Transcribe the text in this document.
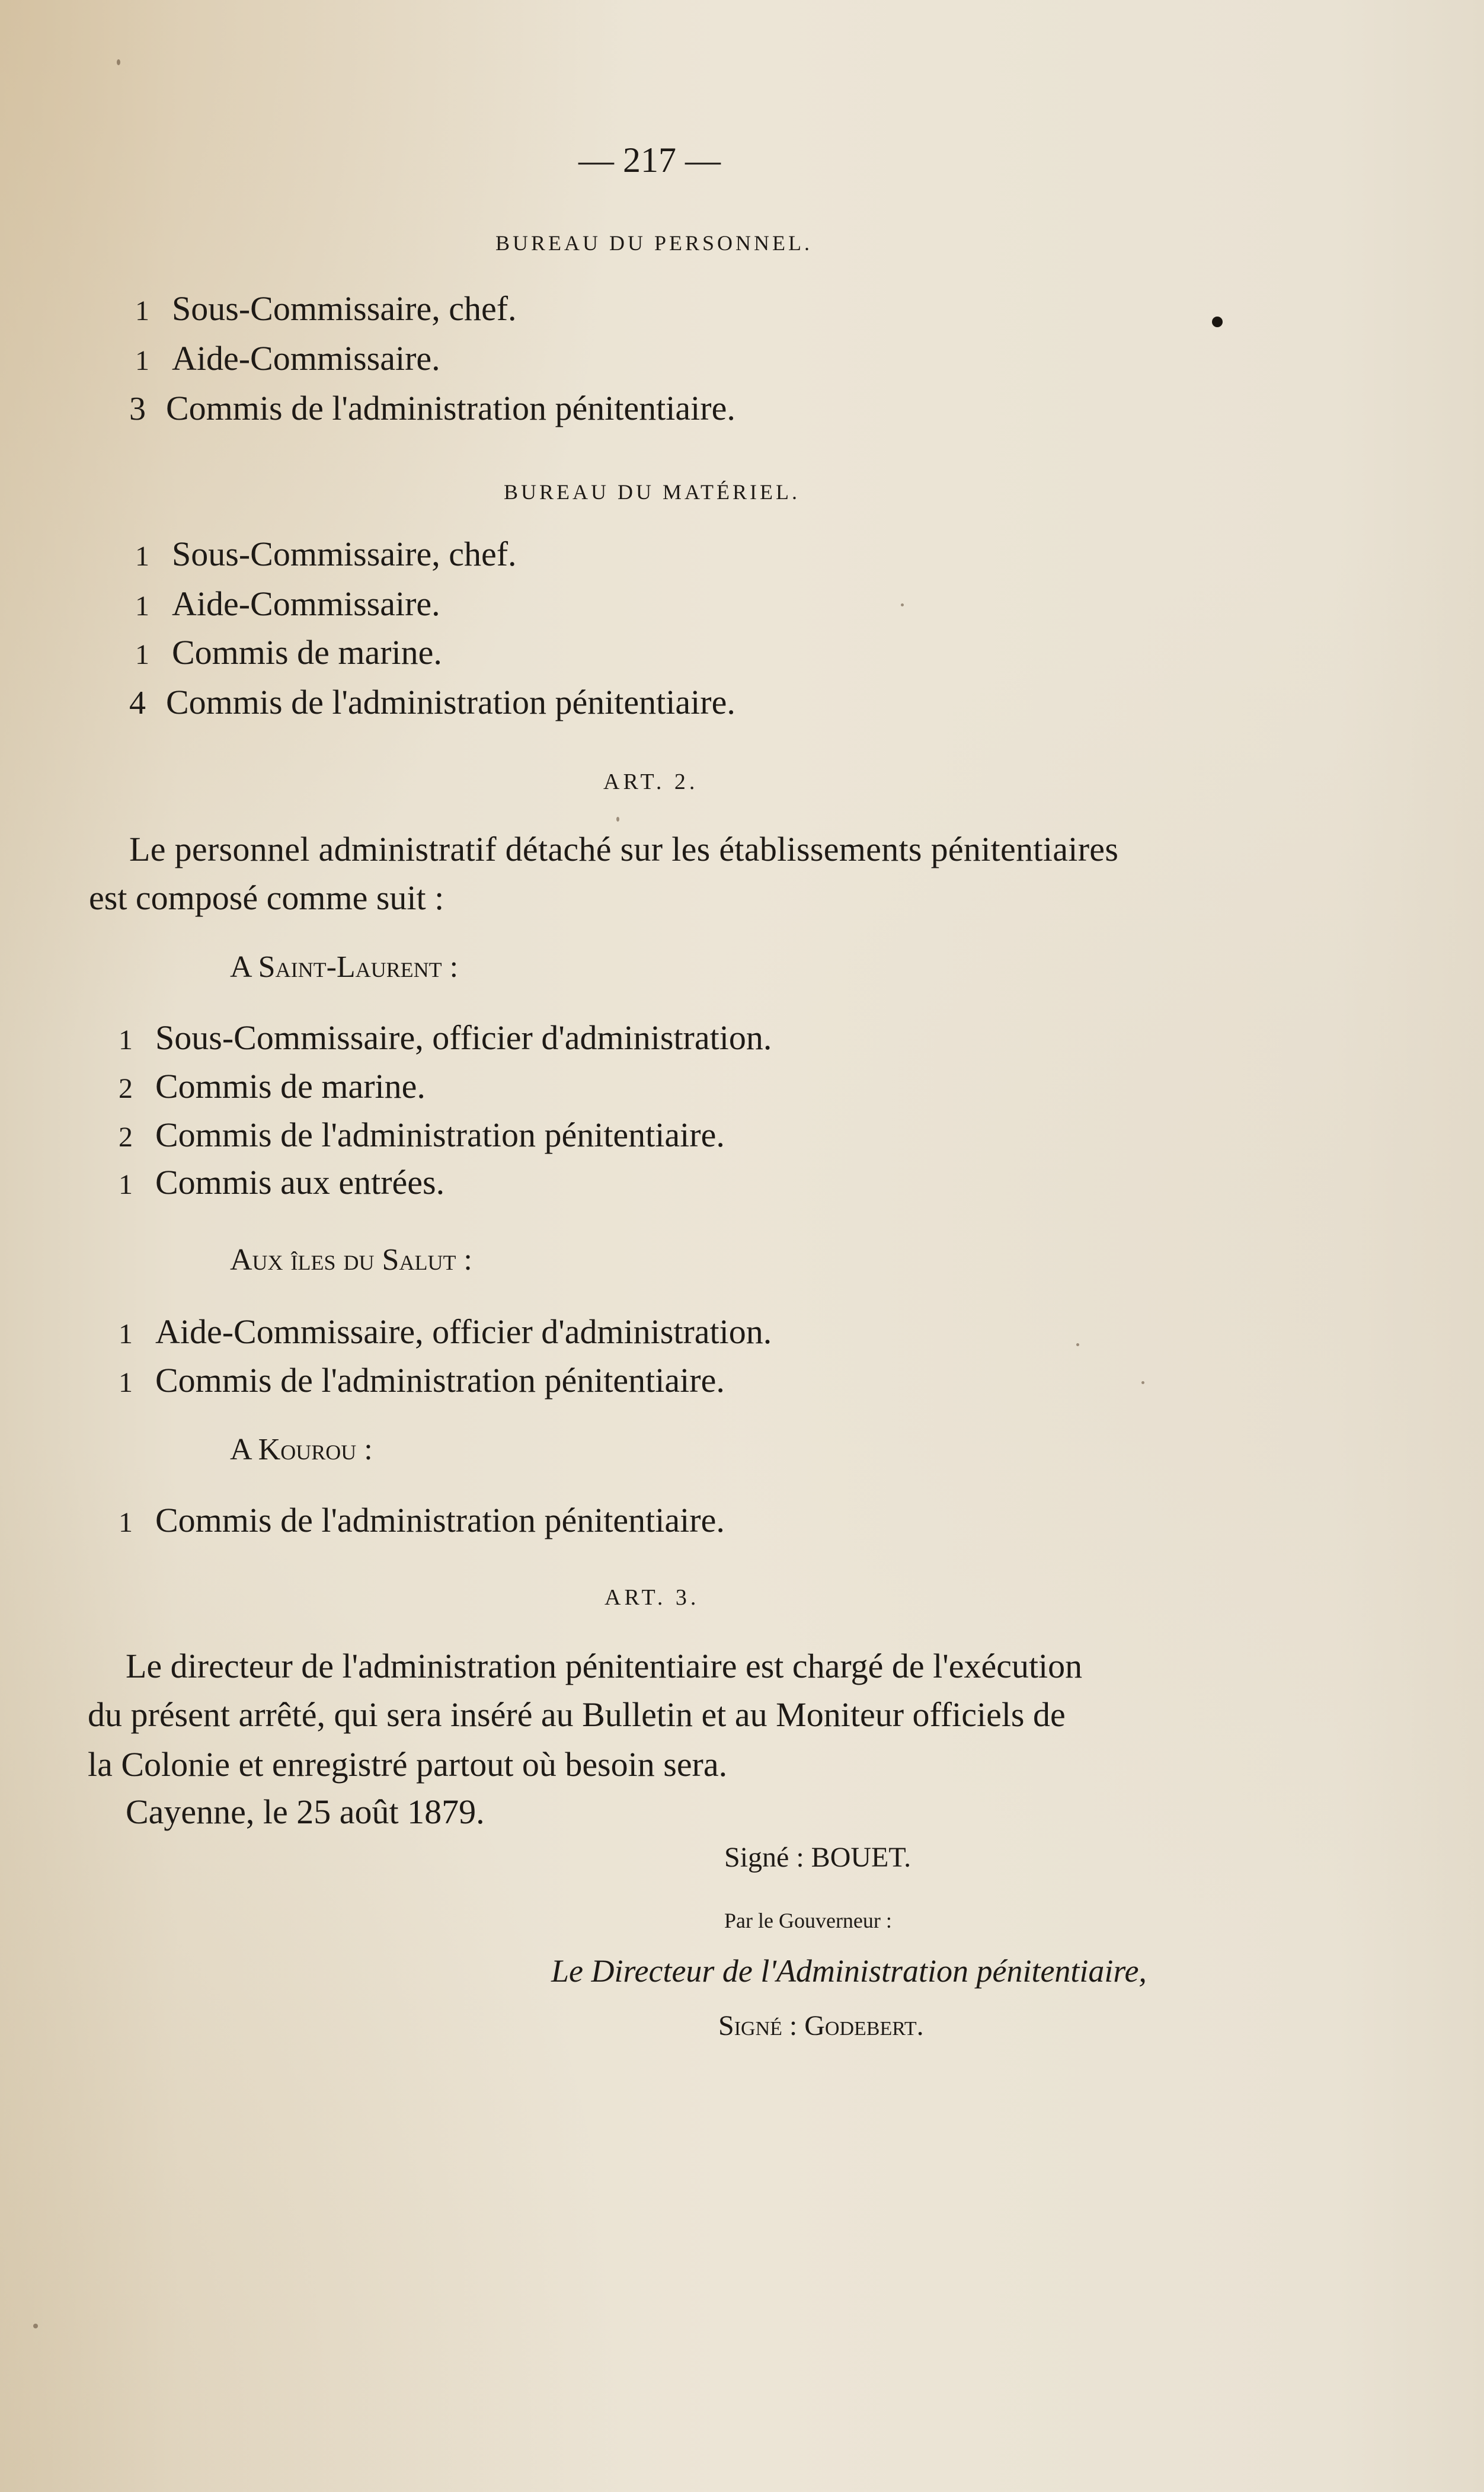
— 217 —
BUREAU DU PERSONNEL.
1 Sous-Commissaire, chef.
1 Aide-Commissaire.
3 Commis de l'administration pénitentiaire.
BUREAU DU MATÉRIEL.
1 Sous-Commissaire, chef.
1 Aide-Commissaire.
1 Commis de marine.
4 Commis de l'administration pénitentiaire.
ART. 2.
Le personnel administratif détaché sur les établissements pénitentiaires
est composé comme suit :
A Saint-Laurent :
1 Sous-Commissaire, officier d'administration.
2 Commis de marine.
2 Commis de l'administration pénitentiaire.
1 Commis aux entrées.
Aux îles du Salut :
1 Aide-Commissaire, officier d'administration.
1 Commis de l'administration pénitentiaire.
A Kourou :
1 Commis de l'administration pénitentiaire.
ART. 3.
Le directeur de l'administration pénitentiaire est chargé de l'exécution
du présent arrêté, qui sera inséré au Bulletin et au Moniteur officiels de
la Colonie et enregistré partout où besoin sera.
Cayenne, le 25 août 1879.
Signé : BOUET.
Par le Gouverneur :
Le Directeur de l'Administration pénitentiaire,
Signé : Godebert.
